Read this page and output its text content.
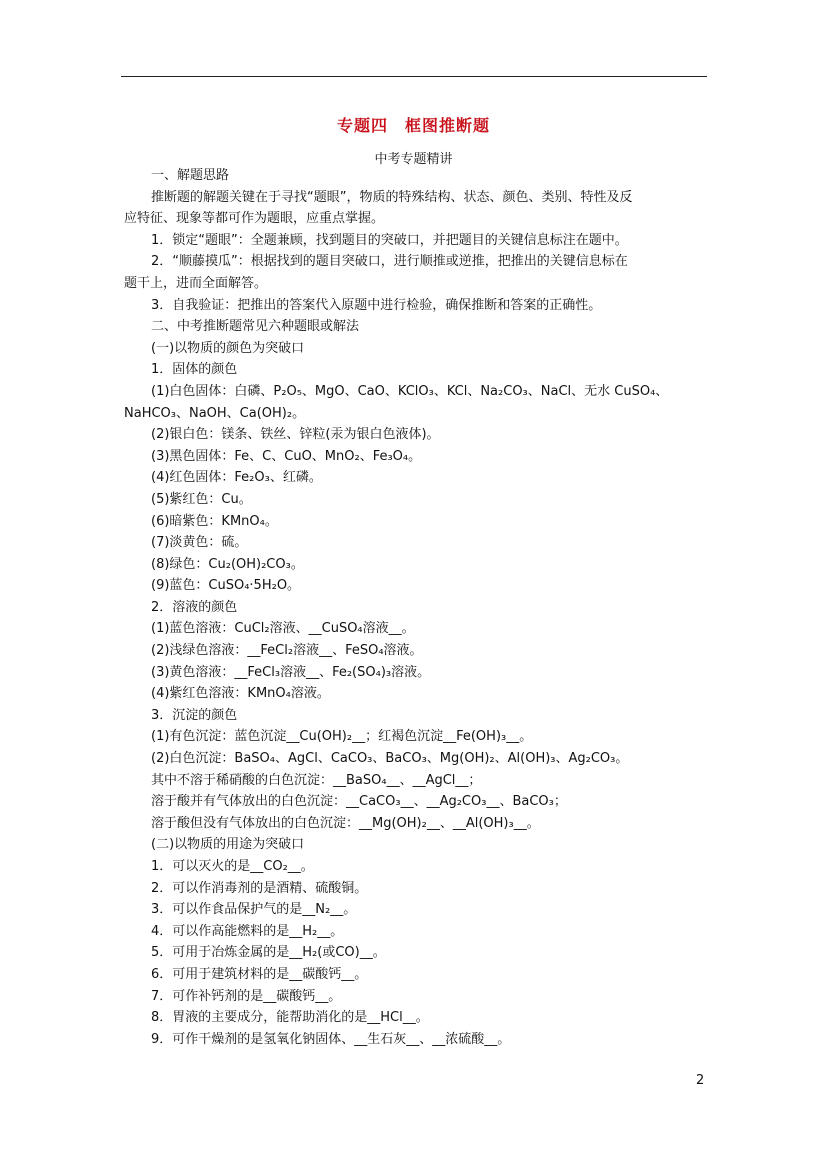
专题四　框图推断题
中考专题精讲
一、解题思路
推断题的解题关键在于寻找“题眼”，物质的特殊结构、状态、颜色、类别、特性及反
应特征、现象等都可作为题眼，应重点掌握。
1．锁定“题眼”：全题兼顾，找到题目的突破口，并把题目的关键信息标注在题中。
2．“顺藤摸瓜”：根据找到的题目突破口，进行顺推或逆推，把推出的关键信息标在
题干上，进而全面解答。
3．自我验证：把推出的答案代入原题中进行检验，确保推断和答案的正确性。
二、中考推断题常见六种题眼或解法
(一)以物质的颜色为突破口
1．固体的颜色
(1)白色固体：白磷、P₂O₅、MgO、CaO、KClO₃、KCl、Na₂CO₃、NaCl、无水 CuSO₄、
NaHCO₃、NaOH、Ca(OH)₂。
(2)银白色：镁条、铁丝、锌粒(汞为银白色液体)。
(3)黑色固体：Fe、C、CuO、MnO₂、Fe₃O₄。
(4)红色固体：Fe₂O₃、红磷。
(5)紫红色：Cu。
(6)暗紫色：KMnO₄。
(7)淡黄色：硫。
(8)绿色：Cu₂(OH)₂CO₃。
(9)蓝色：CuSO₄·5H₂O。
2．溶液的颜色
(1)蓝色溶液：CuCl₂溶液、__CuSO₄溶液__。
(2)浅绿色溶液：__FeCl₂溶液__、FeSO₄溶液。
(3)黄色溶液：__FeCl₃溶液__、Fe₂(SO₄)₃溶液。
(4)紫红色溶液：KMnO₄溶液。
3．沉淀的颜色
(1)有色沉淀：蓝色沉淀__Cu(OH)₂__；红褐色沉淀__Fe(OH)₃__。
(2)白色沉淀：BaSO₄、AgCl、CaCO₃、BaCO₃、Mg(OH)₂、Al(OH)₃、Ag₂CO₃。
其中不溶于稀硝酸的白色沉淀：__BaSO₄__、__AgCl__；
溶于酸并有气体放出的白色沉淀：__CaCO₃__、__Ag₂CO₃__、BaCO₃；
溶于酸但没有气体放出的白色沉淀：__Mg(OH)₂__、__Al(OH)₃__。
(二)以物质的用途为突破口
1．可以灭火的是__CO₂__。
2．可以作消毒剂的是酒精、硫酸铜。
3．可以作食品保护气的是__N₂__。
4．可以作高能燃料的是__H₂__。
5．可用于冶炼金属的是__H₂(或CO)__。
6．可用于建筑材料的是__碳酸钙__。
7．可作补钙剂的是__碳酸钙__。
8．胃液的主要成分，能帮助消化的是__HCl__。
9．可作干燥剂的是氢氧化钠固体、__生石灰__、__浓硫酸__。
2
